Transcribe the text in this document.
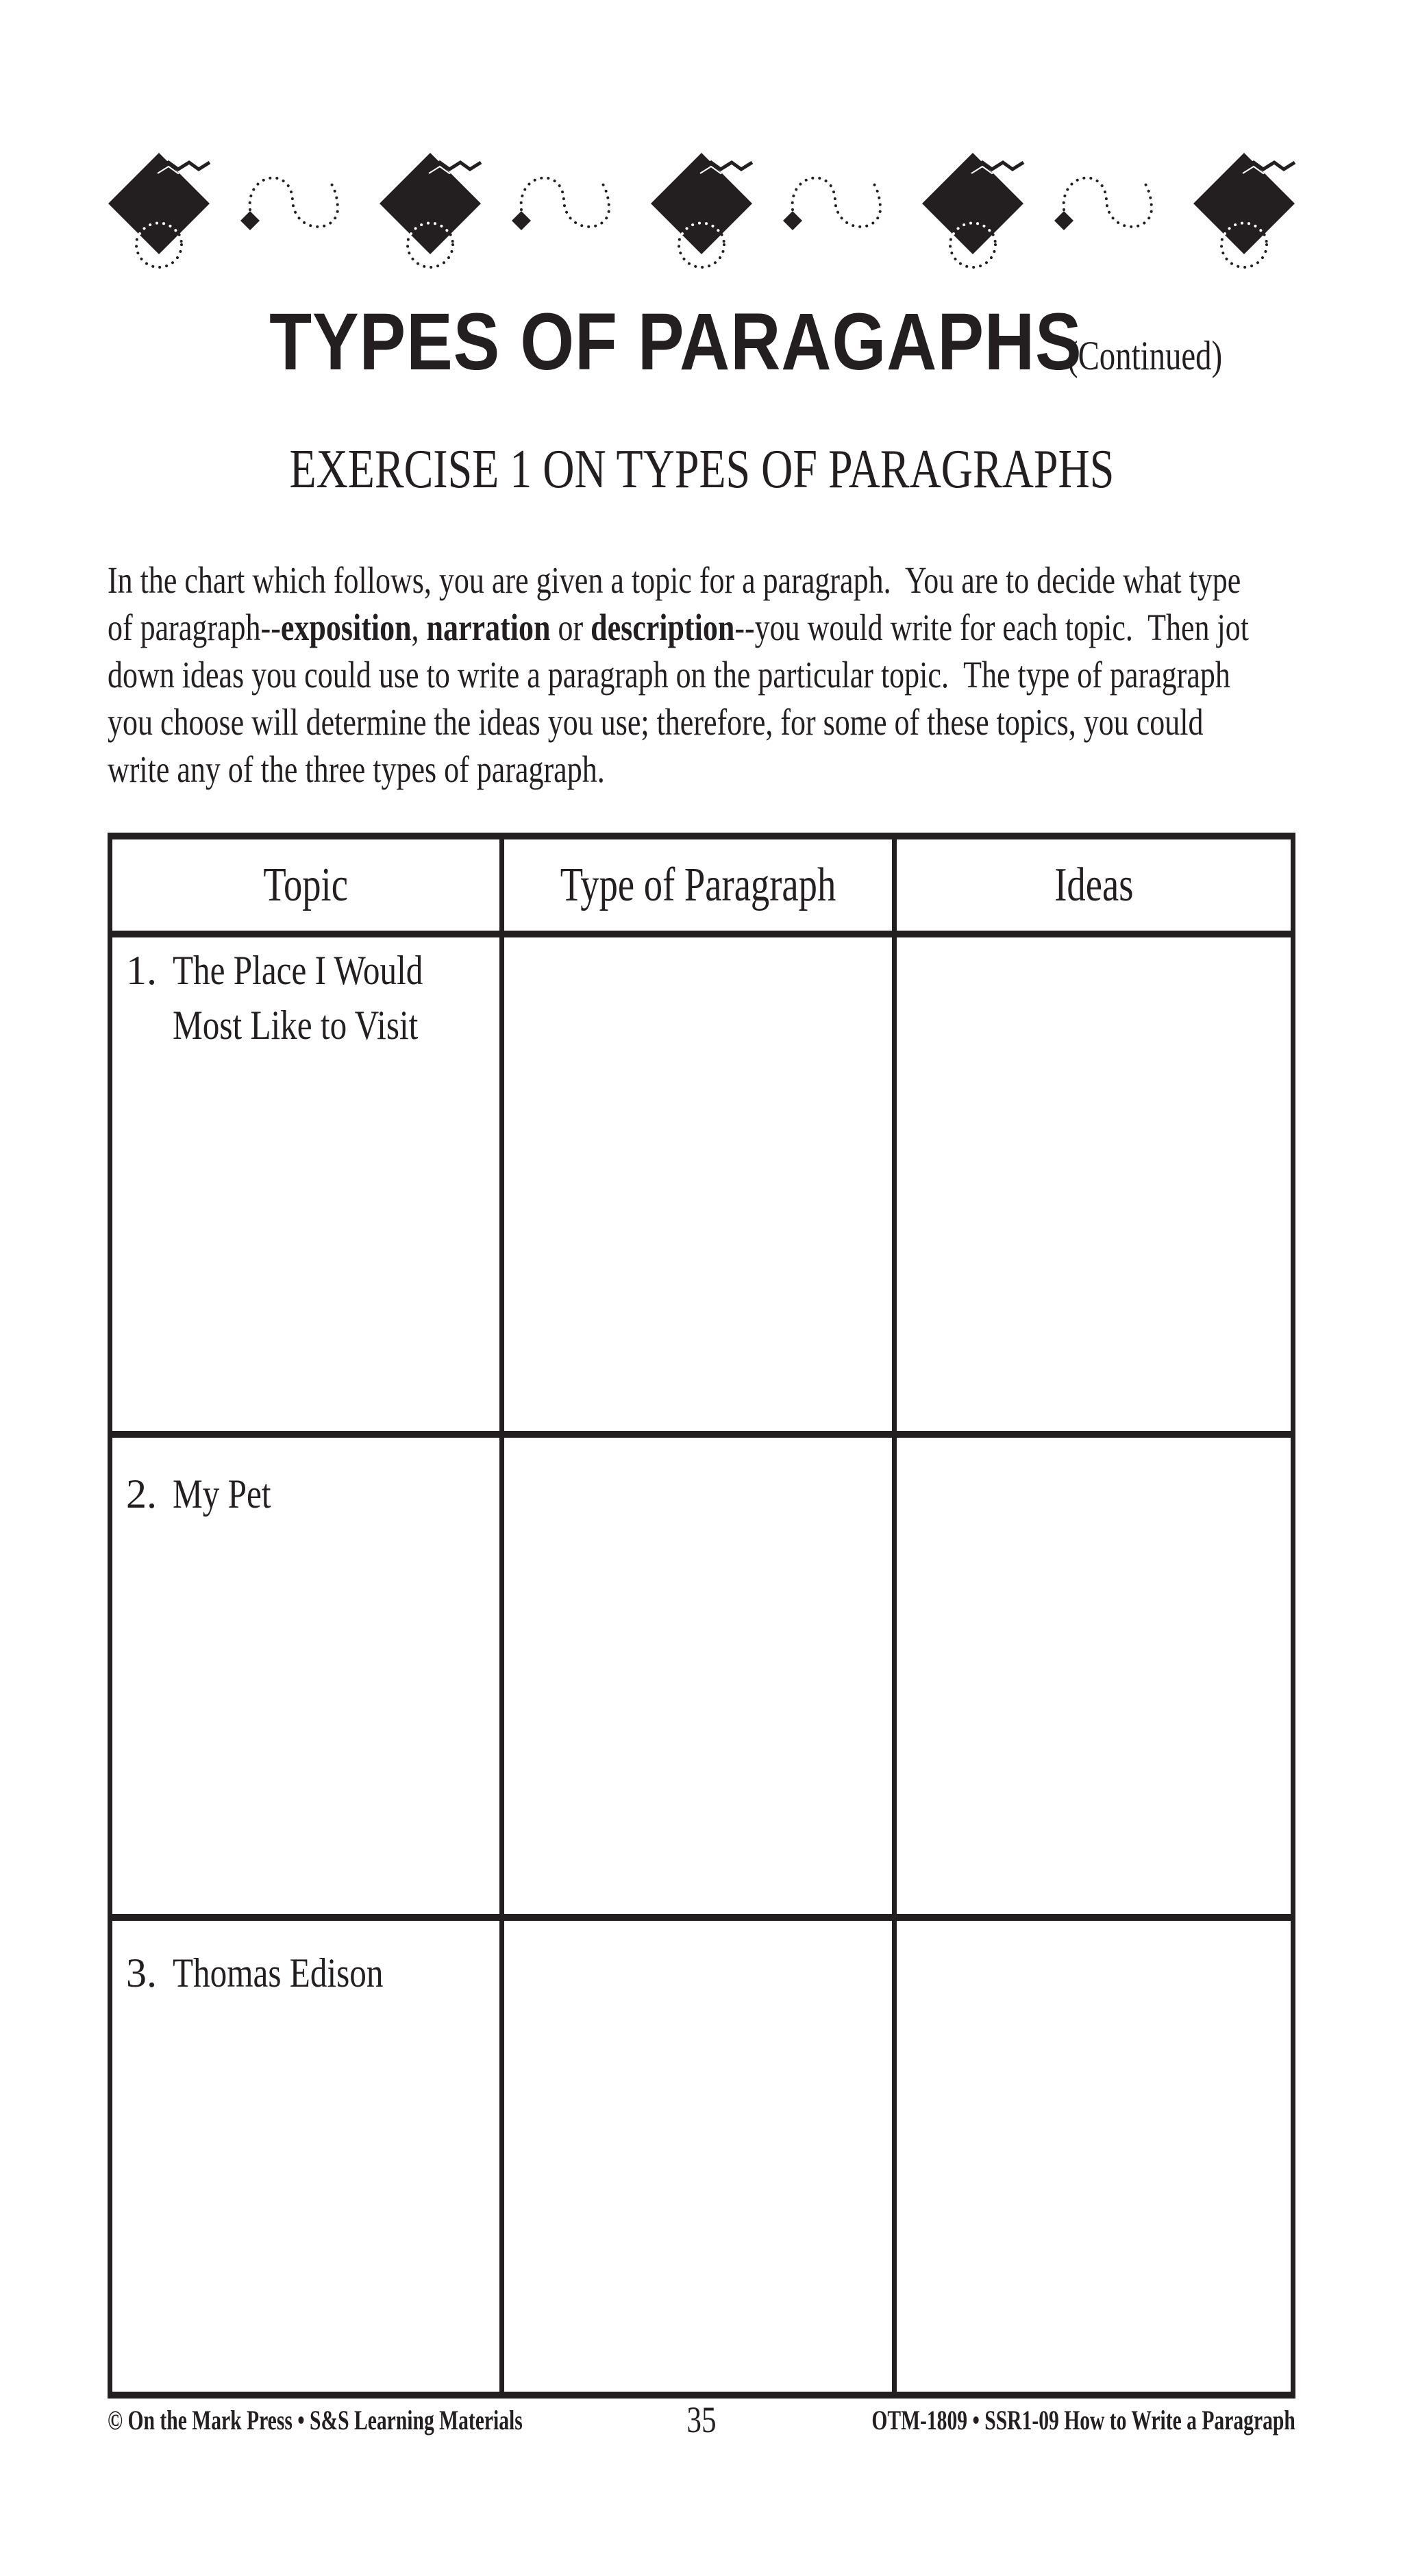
TYPES OF PARAGAPHS (Continued)
EXERCISE 1 ON TYPES OF PARAGRAPHS
In the chart which follows, you are given a topic for a paragraph.  You are to decide what type
of paragraph--exposition, narration or description--you would write for each topic.  Then jot
down ideas you could use to write a paragraph on the particular topic.  The type of paragraph
you choose will determine the ideas you use; therefore, for some of these topics, you could
write any of the three types of paragraph.
Topic	Type of Paragraph	Ideas
1. The Place I Would
Most Like to Visit
2. My Pet
3. Thomas Edison
© On the Mark Press • S&S Learning Materials	35	OTM-1809 • SSR1-09 How to Write a Paragraph
